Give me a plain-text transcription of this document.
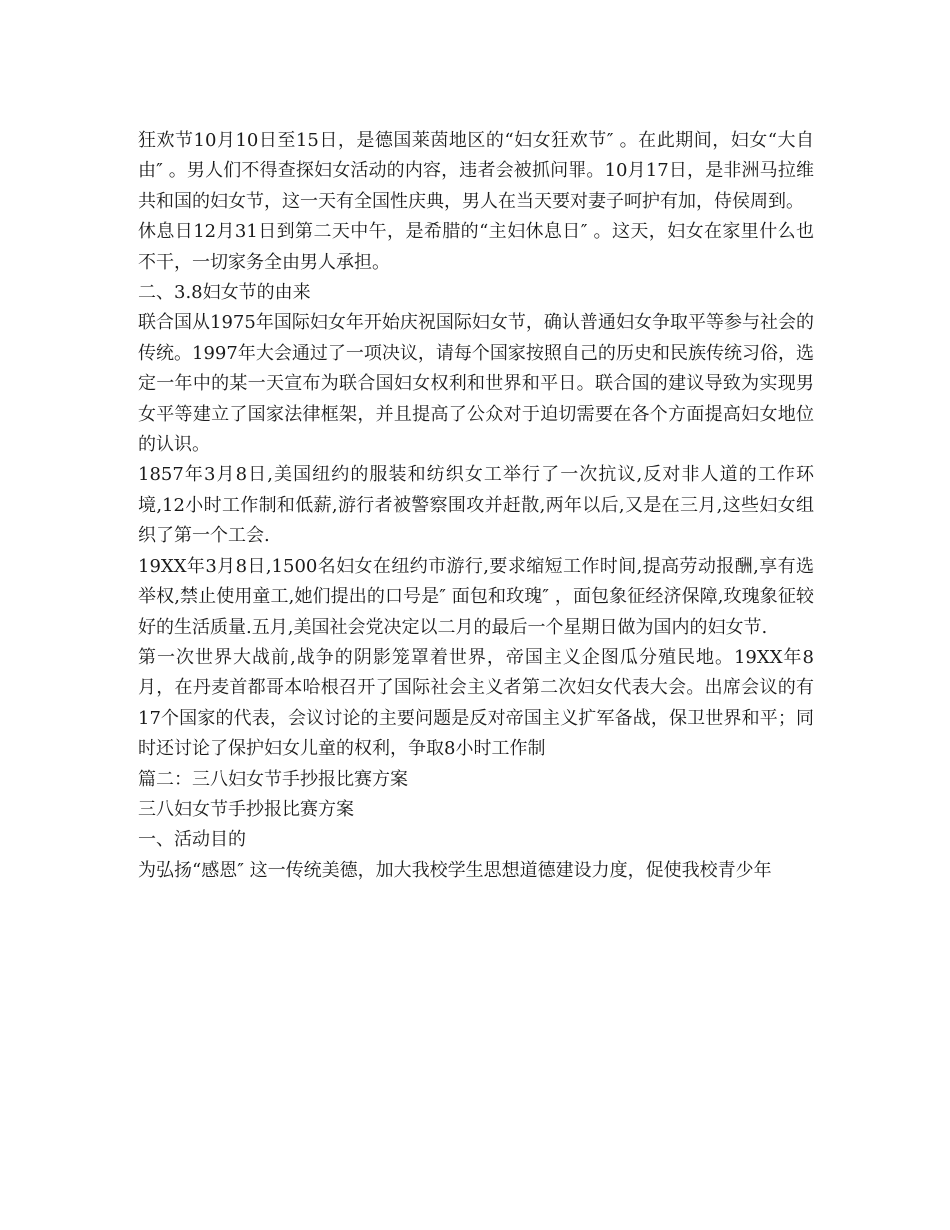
狂欢节10月10日至15日，是德国莱茵地区的“妇女狂欢节″ 。在此期间，妇女“大自由″ 。男人们不得查探妇女活动的内容，违者会被抓问罪。10月17日，是非洲马拉维共和国的妇女节，这一天有全国性庆典，男人在当天要对妻子呵护有加，侍侯周到。

休息日12月31日到第二天中午，是希腊的“主妇休息日″ 。这天，妇女在家里什么也不干，一切家务全由男人承担。

二、3.8妇女节的由来

联合国从1975年国际妇女年开始庆祝国际妇女节，确认普通妇女争取平等参与社会的传统。1997年大会通过了一项决议，请每个国家按照自己的历史和民族传统习俗，选定一年中的某一天宣布为联合国妇女权利和世界和平日。联合国的建议导致为实现男女平等建立了国家法律框架，并且提高了公众对于迫切需要在各个方面提高妇女地位的认识。

1857年3月8日,美国纽约的服装和纺织女工举行了一次抗议,反对非人道的工作环境,12小时工作制和低薪,游行者被警察围攻并赶散,两年以后,又是在三月,这些妇女组织了第一个工会.

19XX年3月8日,1500名妇女在纽约市游行,要求缩短工作时间,提高劳动报酬,享有选举权,禁止使用童工,她们提出的口号是″ 面包和玫瑰″ ，面包象征经济保障,玫瑰象征较好的生活质量.五月,美国社会党决定以二月的最后一个星期日做为国内的妇女节.

第一次世界大战前,战争的阴影笼罩着世界，帝国主义企图瓜分殖民地。19XX年8月，在丹麦首都哥本哈根召开了国际社会主义者第二次妇女代表大会。出席会议的有17个国家的代表，会议讨论的主要问题是反对帝国主义扩军备战，保卫世界和平；同时还讨论了保护妇女儿童的权利，争取8小时工作制

篇二：三八妇女节手抄报比赛方案

三八妇女节手抄报比赛方案

一、活动目的

为弘扬“感恩″ 这一传统美德，加大我校学生思想道德建设力度，促使我校青少年
